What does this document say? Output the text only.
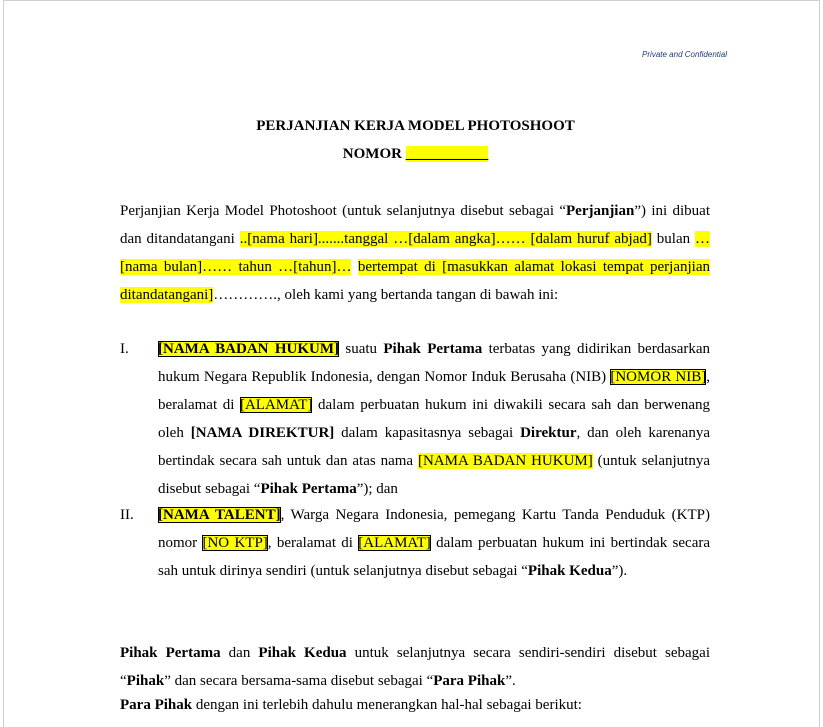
Private and Confidential
PERJANJIAN KERJA MODEL PHOTOSHOOT
NOMOR ___________
Perjanjian Kerja Model Photoshoot (untuk selanjutnya disebut sebagai “Perjanjian”) ini dibuat dan ditandatangani ..[nama hari].......tanggal …[dalam angka]…… [dalam huruf abjad] bulan …[nama bulan]…… tahun …[tahun]… bertempat di [masukkan alamat lokasi tempat perjanjian ditandatangani]…………., oleh kami yang bertanda tangan di bawah ini:
I. [NAMA BADAN HUKUM] suatu Pihak Pertama terbatas yang didirikan berdasarkan hukum Negara Republik Indonesia, dengan Nomor Induk Berusaha (NIB) [NOMOR NIB], beralamat di [ALAMAT] dalam perbuatan hukum ini diwakili secara sah dan berwenang oleh [NAMA DIREKTUR] dalam kapasitasnya sebagai Direktur, dan oleh karenanya bertindak secara sah untuk dan atas nama [NAMA BADAN HUKUM] (untuk selanjutnya disebut sebagai “Pihak Pertama”); dan
II. [NAMA TALENT], Warga Negara Indonesia, pemegang Kartu Tanda Penduduk (KTP) nomor [NO KTP], beralamat di [ALAMAT] dalam perbuatan hukum ini bertindak secara sah untuk dirinya sendiri (untuk selanjutnya disebut sebagai “Pihak Kedua”).
Pihak Pertama dan Pihak Kedua untuk selanjutnya secara sendiri-sendiri disebut sebagai “Pihak” dan secara bersama-sama disebut sebagai “Para Pihak”.
Para Pihak dengan ini terlebih dahulu menerangkan hal-hal sebagai berikut:
